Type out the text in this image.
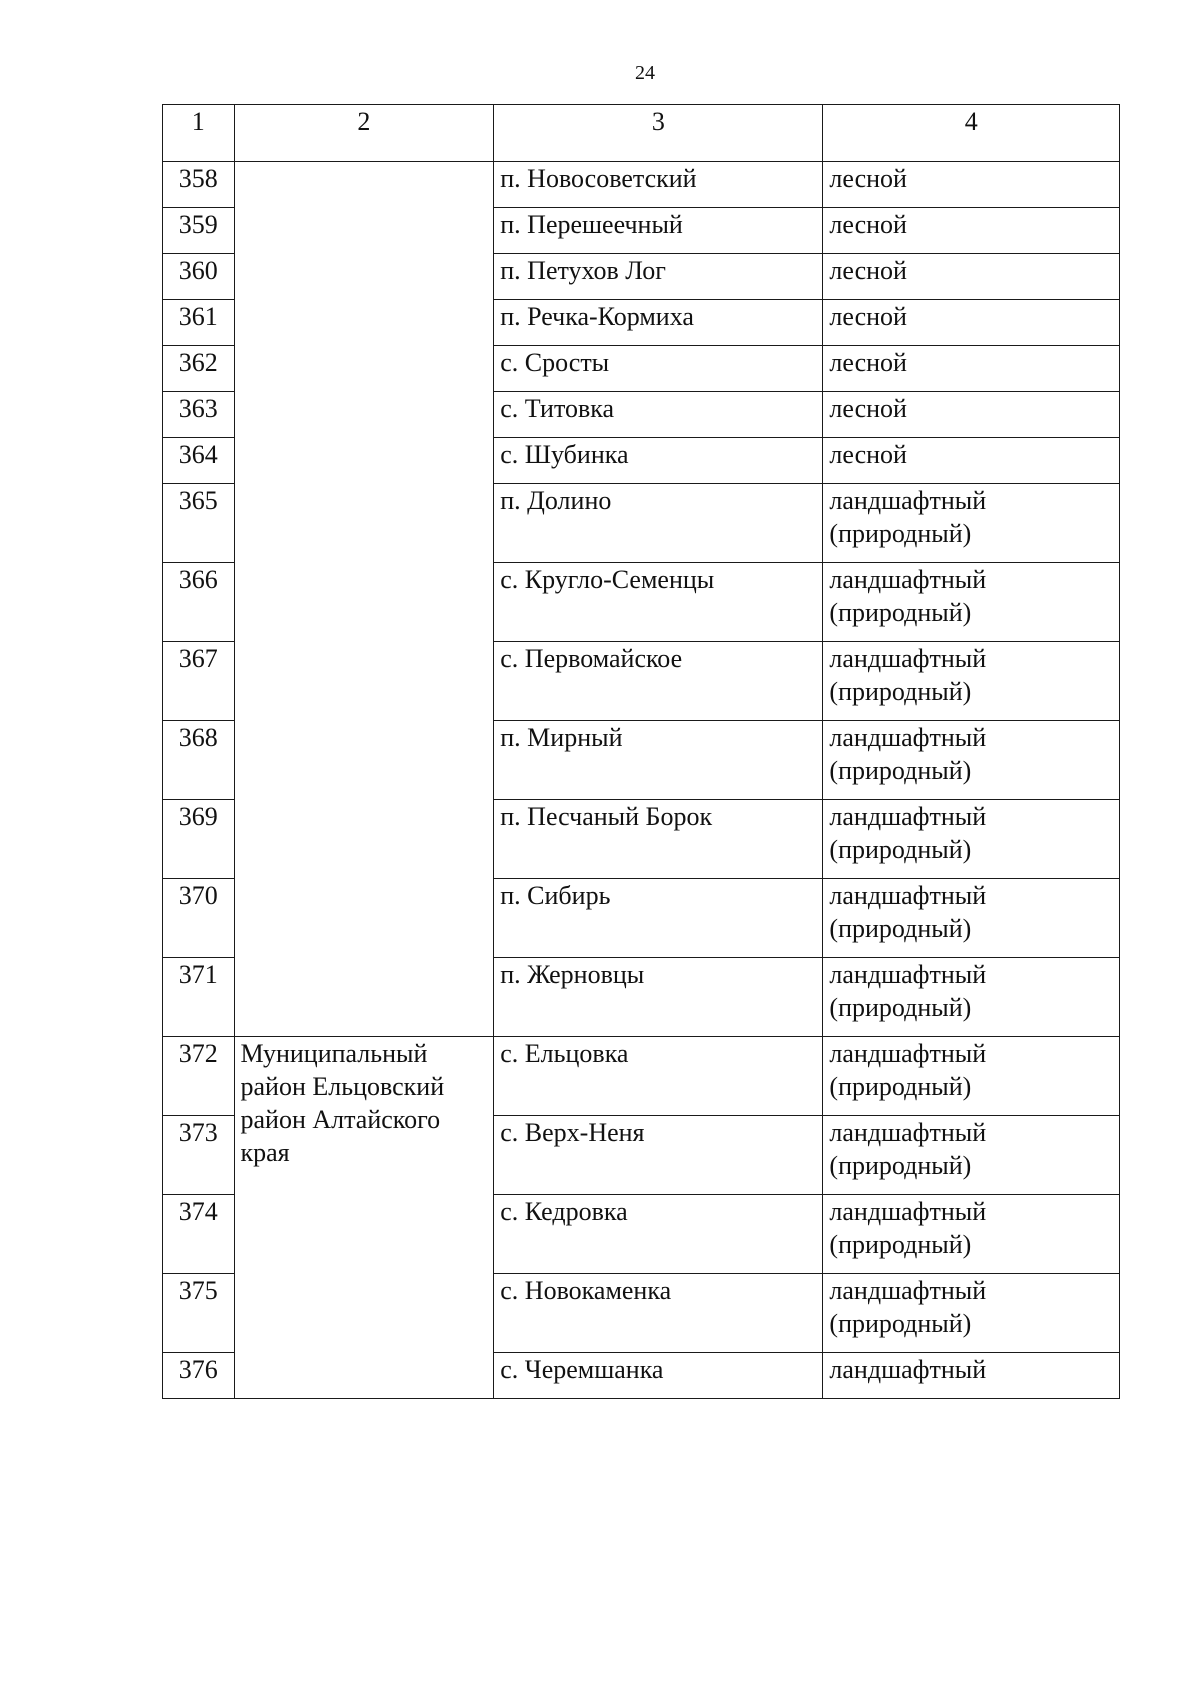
24
1	2	3	4
358		п. Новосоветский	лесной
359		п. Перешеечный	лесной
360		п. Петухов Лог	лесной
361		п. Речка-Кормиха	лесной
362		с. Сросты	лесной
363		с. Титовка	лесной
364		с. Шубинка	лесной
365		п. Долино	ландшафтный (природный)
366		с. Кругло-Семенцы	ландшафтный (природный)
367		с. Первомайское	ландшафтный (природный)
368		п. Мирный	ландшафтный (природный)
369		п. Песчаный Борок	ландшафтный (природный)
370		п. Сибирь	ландшафтный (природный)
371		п. Жерновцы	ландшафтный (природный)
372	Муниципальный район Ельцовский район Алтайского края	с. Ельцовка	ландшафтный (природный)
373		с. Верх-Неня	ландшафтный (природный)
374		с. Кедровка	ландшафтный (природный)
375		с. Новокаменка	ландшафтный (природный)
376		с. Черемшанка	ландшафтный
